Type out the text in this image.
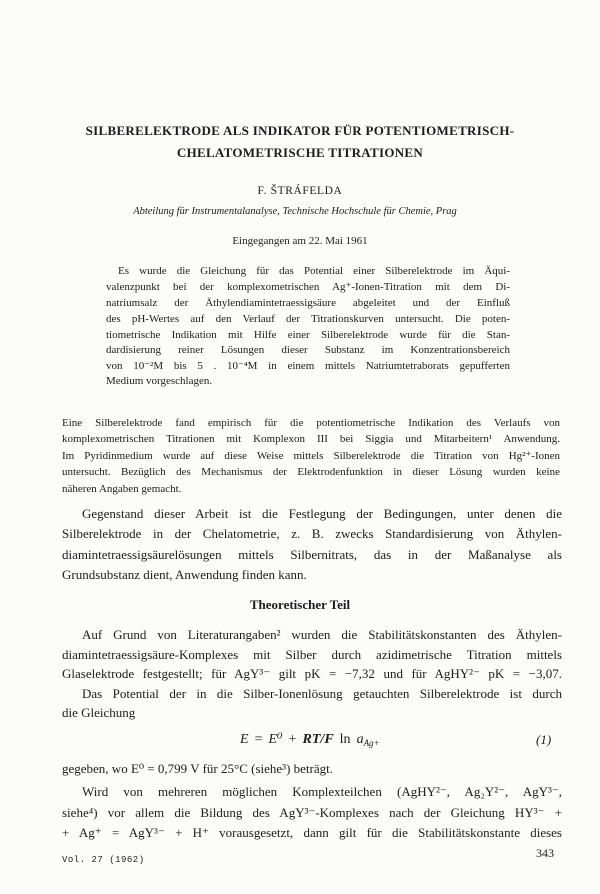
SILBERELEKTRODE ALS INDIKATOR FÜR POTENTIOMETRISCH-
CHELATOMETRISCHE TITRATIONEN
F. ŠTRÁFELDA
Abteilung für Instrumentalanalyse, Technische Hochschule für Chemie, Prag
Eingegangen am 22. Mai 1961
Es wurde die Gleichung für das Potential einer Silberelektrode im Äqui-
valenzpunkt bei der komplexometrischen Ag⁺-Ionen-Titration mit dem Di-
natriumsalz der Äthylendiamintetraessigsäure abgeleitet und der Einfluß
des pH-Wertes auf den Verlauf der Titrationskurven untersucht. Die poten-
tiometrische Indikation mit Hilfe einer Silberelektrode wurde für die Stan-
dardisierung reiner Lösungen dieser Substanz im Konzentrationsbereich
von 10⁻²M bis 5 . 10⁻⁴M in einem mittels Natriumtetraborats gepufferten
Medium vorgeschlagen.
Eine Silberelektrode fand empirisch für die potentiometrische Indikation des Verlaufs von
komplexometrischen Titrationen mit Komplexon III bei Siggia und Mitarbeitern¹ Anwendung.
Im Pyridinmedium wurde auf diese Weise mittels Silberelektrode die Titration von Hg²⁺-Ionen
untersucht. Bezüglich des Mechanismus der Elektrodenfunktion in dieser Lösung wurden keine
näheren Angaben gemacht.
Gegenstand dieser Arbeit ist die Festlegung der Bedingungen, unter denen die
Silberelektrode in der Chelatometrie, z. B. zwecks Standardisierung von Äthylen-
diamintetraessigsäurelösungen mittels Silbernitrats, das in der Maßanalyse als
Grundsubstanz dient, Anwendung finden kann.
Theoretischer Teil
Auf Grund von Literaturangaben² wurden die Stabilitätskonstanten des Äthylen-
diamintetraessigsäure-Komplexes mit Silber durch azidimetrische Titration mittels
Glaselektrode festgestellt; für AgY³⁻ gilt pK = −7,32 und für AgHY²⁻ pK = −3,07.
Das Potential der in die Silber-Ionenlösung getauchten Silberelektrode ist durch
die Gleichung
E = E⁰ + RT/F $\ln a_{Ag+}$	(1)
gegeben, wo E⁰ = 0,799 V für 25°C (siehe³) beträgt.
Wird von mehreren möglichen Komplexteilchen (AgHY²⁻, Ag₂Y²⁻, AgY³⁻,
siehe⁴) vor allem die Bildung des AgY³⁻-Komplexes nach der Gleichung HY³⁻ +
+ Ag⁺ = AgY³⁻ + H⁺ vorausgesetzt, dann gilt für die Stabilitätskonstante dieses
Vol. 27 (1962)	343
